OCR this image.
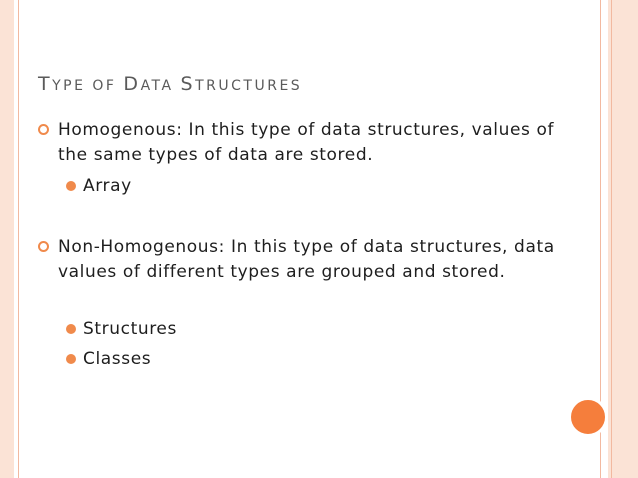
TYPE OF DATA STRUCTURES
Homogenous: In this type of data structures, values of the same types of data are stored.
Array
Non-Homogenous: In this type of data structures, data values of different types are grouped and stored.
Structures
Classes
